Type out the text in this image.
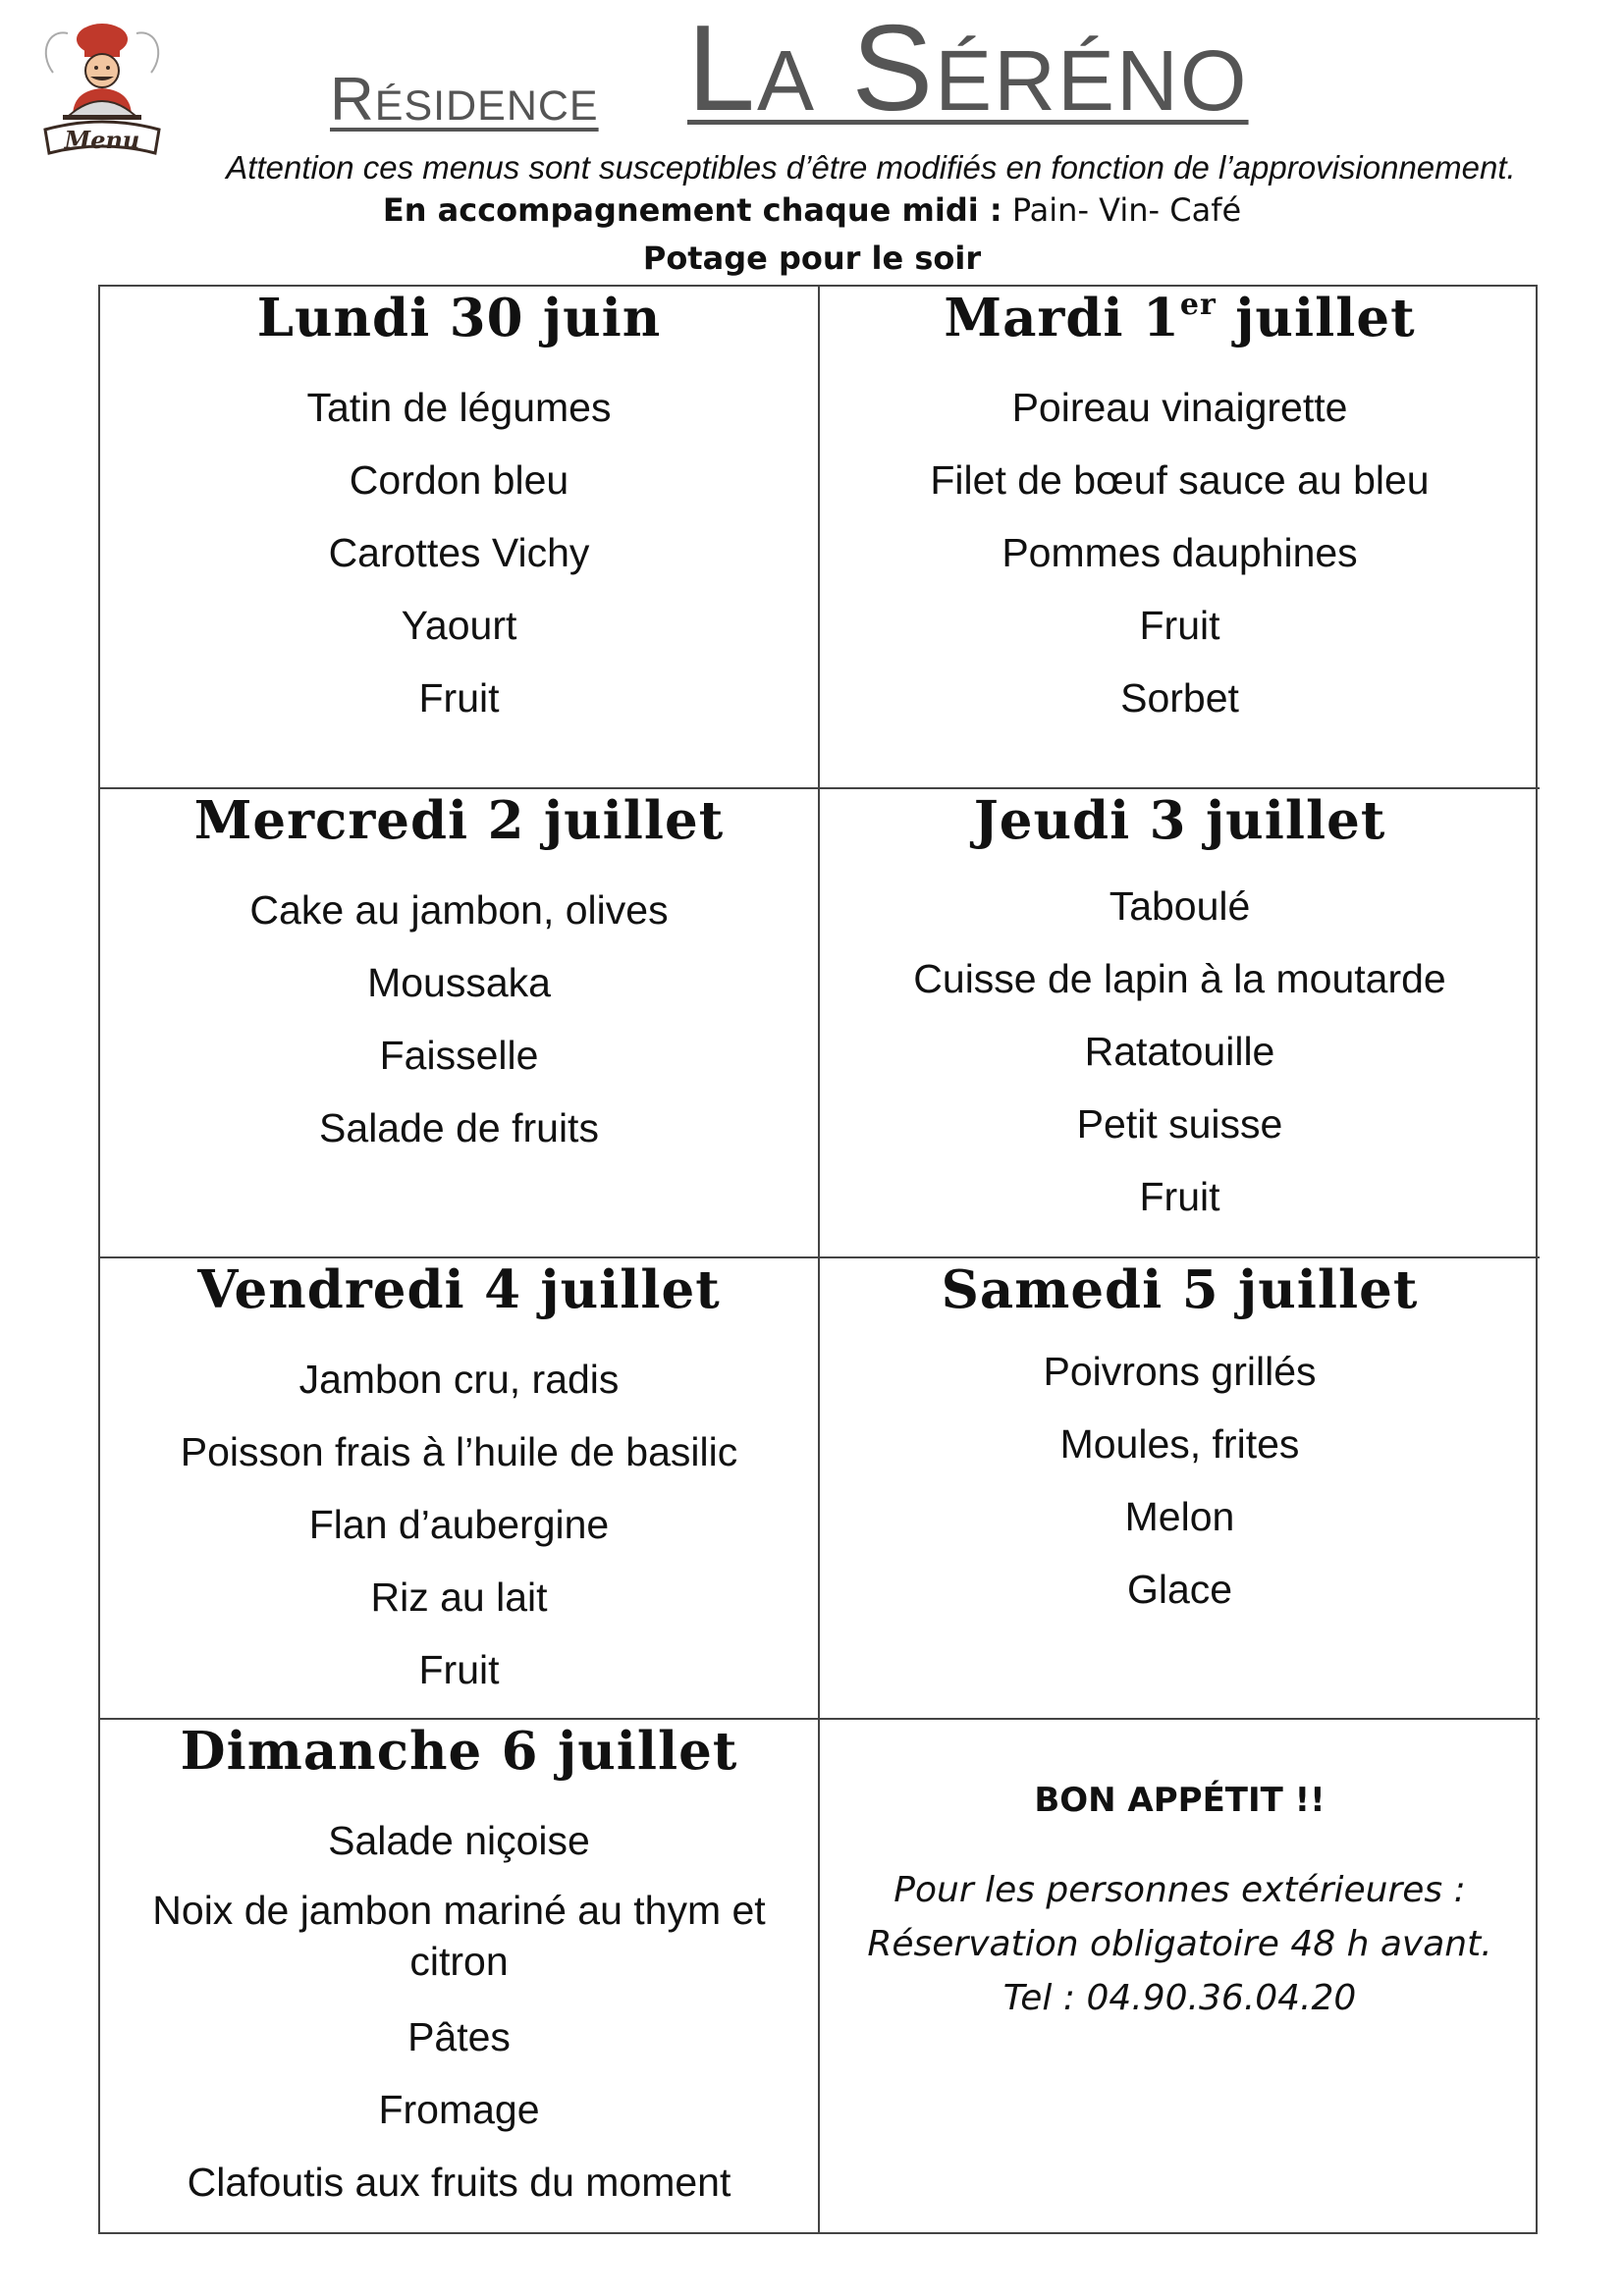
Menu
Résidence La Séréno
Attention ces menus sont susceptibles d’être modifiés en fonction de l’approvisionnement.
En accompagnement chaque midi : Pain- Vin- Café
Potage pour le soir
Lundi 30 juin
Tatin de légumes
Cordon bleu
Carottes Vichy
Yaourt
Fruit
Mardi 1er juillet
Poireau vinaigrette
Filet de bœuf sauce au bleu
Pommes dauphines
Fruit
Sorbet
Mercredi 2 juillet
Cake au jambon, olives
Moussaka
Faisselle
Salade de fruits
Jeudi 3 juillet
Taboulé
Cuisse de lapin à la moutarde
Ratatouille
Petit suisse
Fruit
Vendredi 4 juillet
Jambon cru, radis
Poisson frais à l’huile de basilic
Flan d’aubergine
Riz au lait
Fruit
Samedi 5 juillet
Poivrons grillés
Moules, frites
Melon
Glace
Dimanche 6 juillet
Salade niçoise
Noix de jambon mariné au thym et citron
Pâtes
Fromage
Clafoutis aux fruits du moment
BON APPÉTIT !!
Pour les personnes extérieures :
Réservation obligatoire 48 h avant.
Tel : 04.90.36.04.20
